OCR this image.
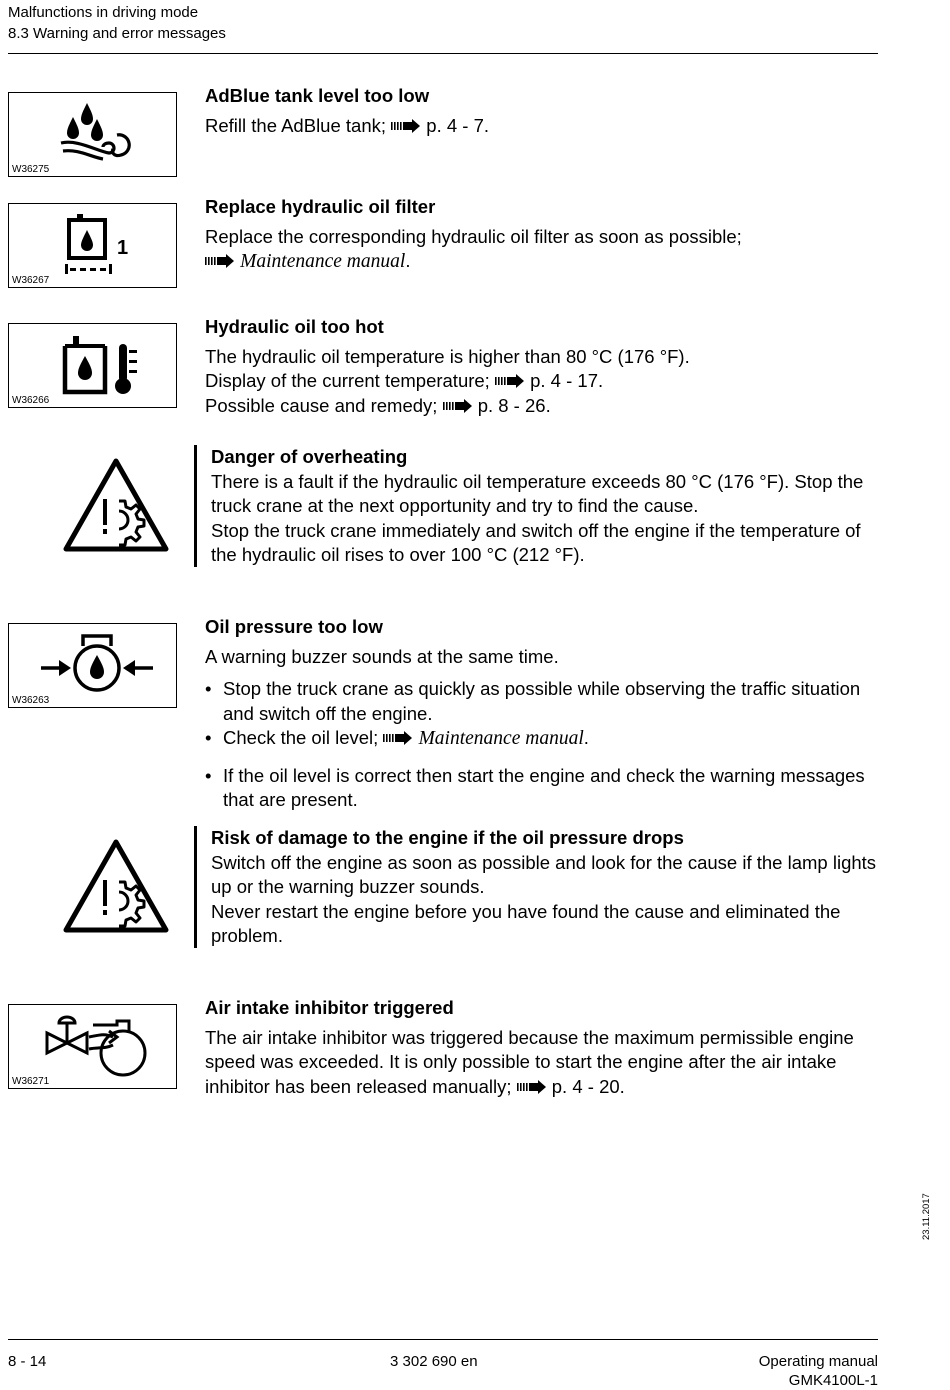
Malfunctions in driving mode
8.3 Warning and error messages
W36275
AdBlue tank level too low

Refill the AdBlue tank; p. 4 - 7.

1
W36267
Replace hydraulic oil filter

Replace the corresponding hydraulic oil filter as soon as possible;

Maintenance manual.

W36266
Hydraulic oil too hot

The hydraulic oil temperature is higher than 80 °C (176 °F).

Display of the current temperature; p. 4 - 17.

Possible cause and remedy; p. 8 - 26.

Danger of overheating

There is a fault if the hydraulic oil temperature exceeds 80 °C (176 °F). Stop the truck crane at the next opportunity and try to find the cause.

Stop the truck crane immediately and switch off the engine if the temperature of the hydraulic oil rises to over 100 °C (212 °F).

W36263
Oil pressure too low

A warning buzzer sounds at the same time.

• Stop the truck crane as quickly as possible while observing the traffic situation and switch off the engine.
• Check the oil level; Maintenance manual.
• If the oil level is correct then start the engine and check the warning messages that are present.
Risk of damage to the engine if the oil pressure drops

Switch off the engine as soon as possible and look for the cause if the lamp lights up or the warning buzzer sounds.

Never restart the engine before you have found the cause and eliminated the problem.

W36271
Air intake inhibitor triggered

The air intake inhibitor was triggered because the maximum permissible engine speed was exceeded. It is only possible to start the engine after the air intake inhibitor has been released manually; p. 4 - 20.

23.11.2017
8 - 14	3 302 690 en	Operating manual
GMK4100L-1
